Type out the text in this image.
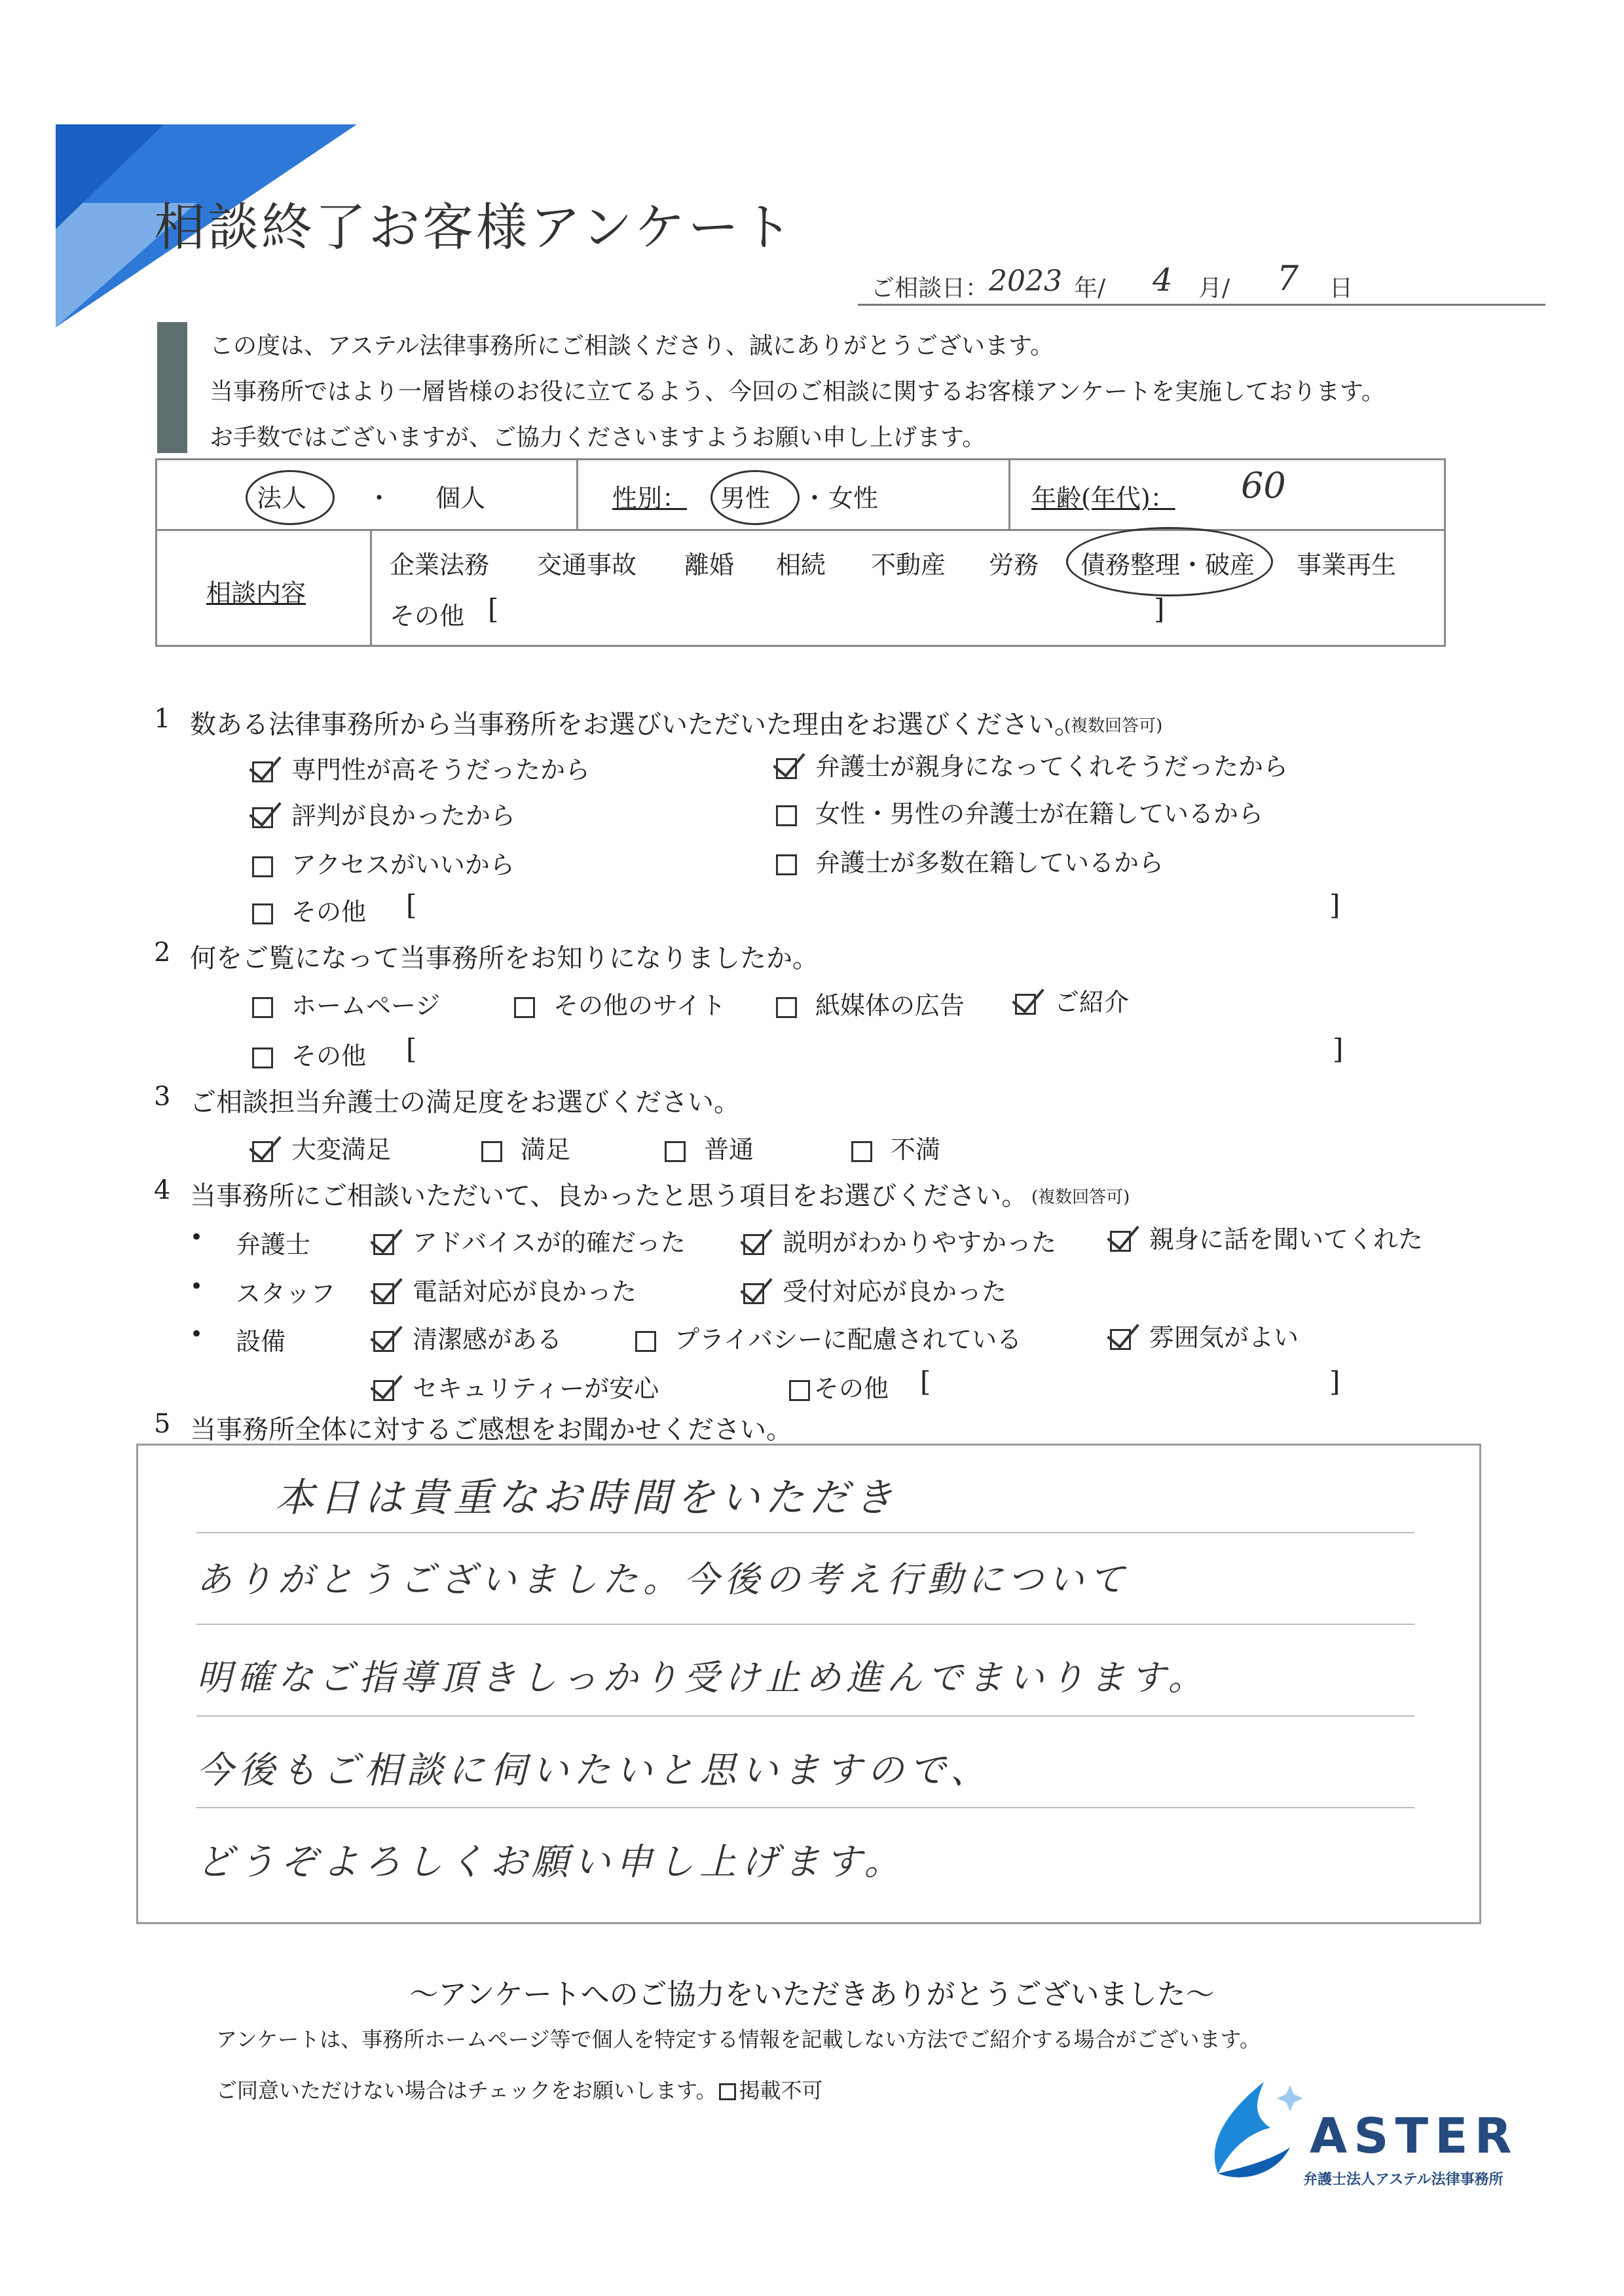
相談終了お客様アンケート
ご相談日： 2023 年/ 4 月/ 7 日
この度は、アステル法律事務所にご相談くださり、誠にありがとうございます。
当事務所ではより一層皆様のお役に立てるよう、今回のご相談に関するお客様アンケートを実施しております。
お手数ではございますが、ご協力くださいますようお願い申し上げます。
法人 ・ 個人	性別： 男性 ・ 女性	年齢(年代)： 60
相談内容
企業法務 交通事故 離婚 相続 不動産 労務 債務整理・破産 事業再生
その他 [	]
1 数ある法律事務所から当事務所をお選びいただいた理由をお選びください。
(複数回答可)
専門性が高そうだったから	弁護士が親身になってくれそうだったから
評判が良かったから	女性・男性の弁護士が在籍しているから
アクセスがいいから	弁護士が多数在籍しているから
その他 [	]
2 何をご覧になって当事務所をお知りになりましたか。
ホームページ	その他のサイト	紙媒体の広告	ご紹介
その他 [	]
3 ご相談担当弁護士の満足度をお選びください。
大変満足	満足	普通	不満
4 当事務所にご相談いただいて、良かったと思う項目をお選びください。 (複数回答可)
• 弁護士	アドバイスが的確だった	説明がわかりやすかった	親身に話を聞いてくれた
• スタッフ	電話対応が良かった	受付対応が良かった
• 設備	清潔感がある	プライバシーに配慮されている	雰囲気がよい
セキュリティーが安心	その他 [	]
5 当事務所全体に対するご感想をお聞かせください。
本日は貴重なお時間をいただき
ありがとうございました。今後の考え行動について
明確なご指導頂きしっかり受け止め進んでまいります。
今後もご相談に伺いたいと思いますので、
どうぞよろしくお願い申し上げます。
〜アンケートへのご協力をいただきありがとうございました〜
アンケートは、事務所ホームページ等で個人を特定する情報を記載しない方法でご紹介する場合がございます。
ご同意いただけない場合はチェックをお願いします。 掲載不可
ASTER
弁護士法人アステル法律事務所
